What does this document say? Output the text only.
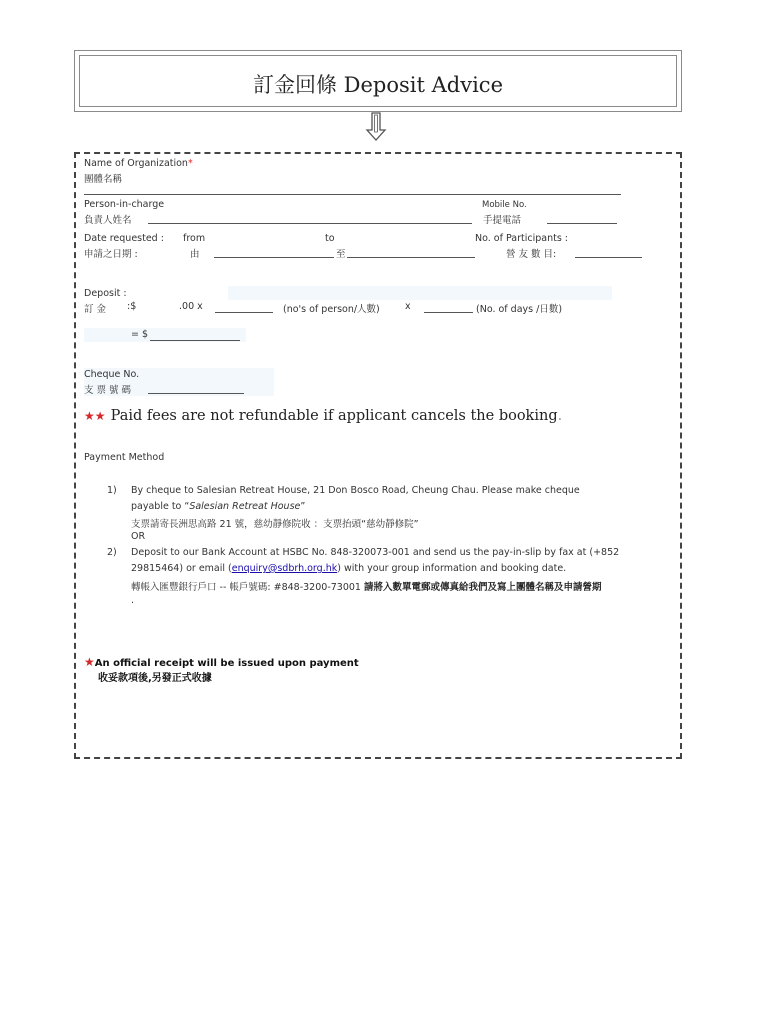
訂金回條 Deposit Advice
Name of Organization*
團體名稱
Person-in-charge	Mobile No.
負責人姓名	手提電話
Date requested : from	to	No. of Participants :
申請之日期 :	由	至	營 友 數 目:
Deposit :
訂 金 :$	.00 x	(no's of person/人數)	x	(No. of days /日數)
= $
Cheque No.
支 票 號 碼
★★ Paid fees are not refundable if applicant cancels the booking.
Payment Method
1) By cheque to Salesian Retreat House, 21 Don Bosco Road, Cheung Chau. Please make cheque
payable to “Salesian Retreat House”
支票請寄長洲思高路 21 號，慈幼靜修院收 ：支票抬頭“慈幼靜修院”
OR
2) Deposit to our Bank Account at HSBC No. 848-320073-001 and send us the pay-in-slip by fax at (+852
29815464) or email (enquiry@sdbrh.org.hk) with your group information and booking date.
轉帳入匯豐銀行戶口 -- 帳戶號碼: #848-3200-73001 請將入數單電郵或傳真給我們及寫上團體名稱及申請營期
.
★An official receipt will be issued upon payment
收妥款項後,另發正式收據
